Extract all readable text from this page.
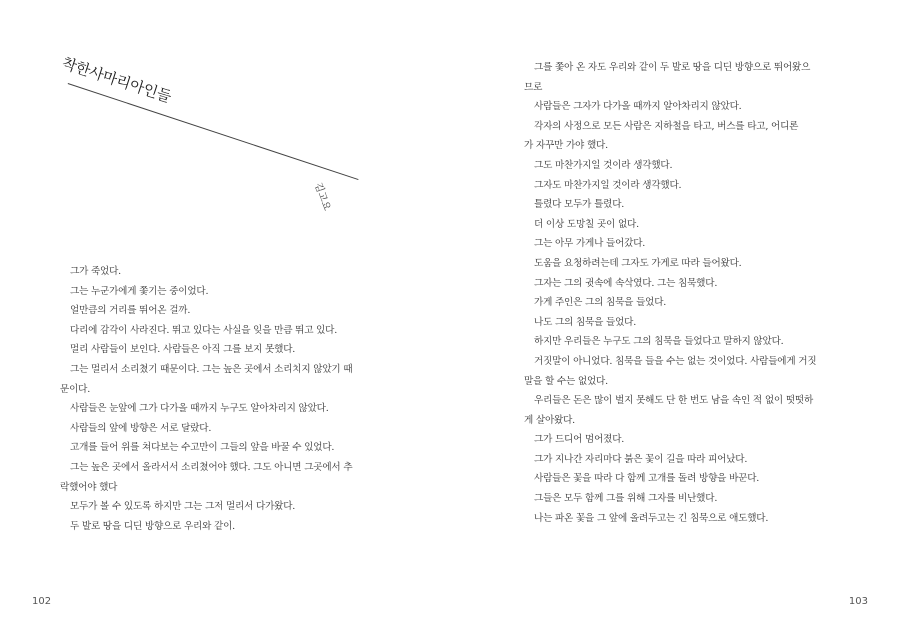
착한사마리아인들
김고요
그가 죽었다.
그는 누군가에게 쫓기는 중이었다.
얼만큼의 거리를 뛰어온 걸까.
다리에 감각이 사라진다. 뛰고 있다는 사실을 잊을 만큼 뛰고 있다.
멀리 사람들이 보인다. 사람들은 아직 그를 보지 못했다.
그는 멀리서 소리쳤기 때문이다. 그는 높은 곳에서 소리치지 않았기 때
문이다.
사람들은 눈앞에 그가 다가올 때까지 누구도 알아차리지 않았다.
사람들의 앞에 방향은 서로 달랐다.
고개를 들어 위를 쳐다보는 수고만이 그들의 앞을 바꿀 수 있었다.
그는 높은 곳에서 올라서서 소리쳤어야 했다. 그도 아니면 그곳에서 추
락했어야 했다
모두가 볼 수 있도록 하지만 그는 그저 멀리서 다가왔다.
두 발로 땅을 디딘 방향으로 우리와 같이.
102	103
그를 쫓아 온 자도 우리와 같이 두 발로 땅을 디딘 방향으로 뛰어왔으
므로
사람들은 그자가 다가올 때까지 알아차리지 않았다.
각자의 사정으로 모든 사람은 지하철을 타고, 버스를 타고, 어디론
가 자꾸만 가야 했다.
그도 마찬가지일 것이라 생각했다.
그자도 마찬가지일 것이라 생각했다.
틀렸다 모두가 틀렸다.
더 이상 도망칠 곳이 없다.
그는 아무 가게나 들어갔다.
도움을 요청하려는데 그자도 가게로 따라 들어왔다.
그자는 그의 귓속에 속삭였다. 그는 침묵했다.
가게 주인은 그의 침묵을 들었다.
나도 그의 침묵을 들었다.
하지만 우리들은 누구도 그의 침묵을 들었다고 말하지 않았다.
거짓말이 아니었다. 침묵을 들을 수는 없는 것이었다. 사람들에게 거짓
말을 할 수는 없었다.
우리들은 돈은 많이 벌지 못해도 단 한 번도 남을 속인 적 없이 떳떳하
게 살아왔다.
그가 드디어 멈어졌다.
그가 지나간 자리마다 붉은 꽃이 길을 따라 피어났다.
사람들은 꽃을 따라 다 함께 고개를 돌려 방향을 바꾼다.
그들은 모두 함께 그를 위해 그자를 비난했다.
나는 파온 꽃을 그 앞에 올려두고는 긴 침묵으로 애도했다.
